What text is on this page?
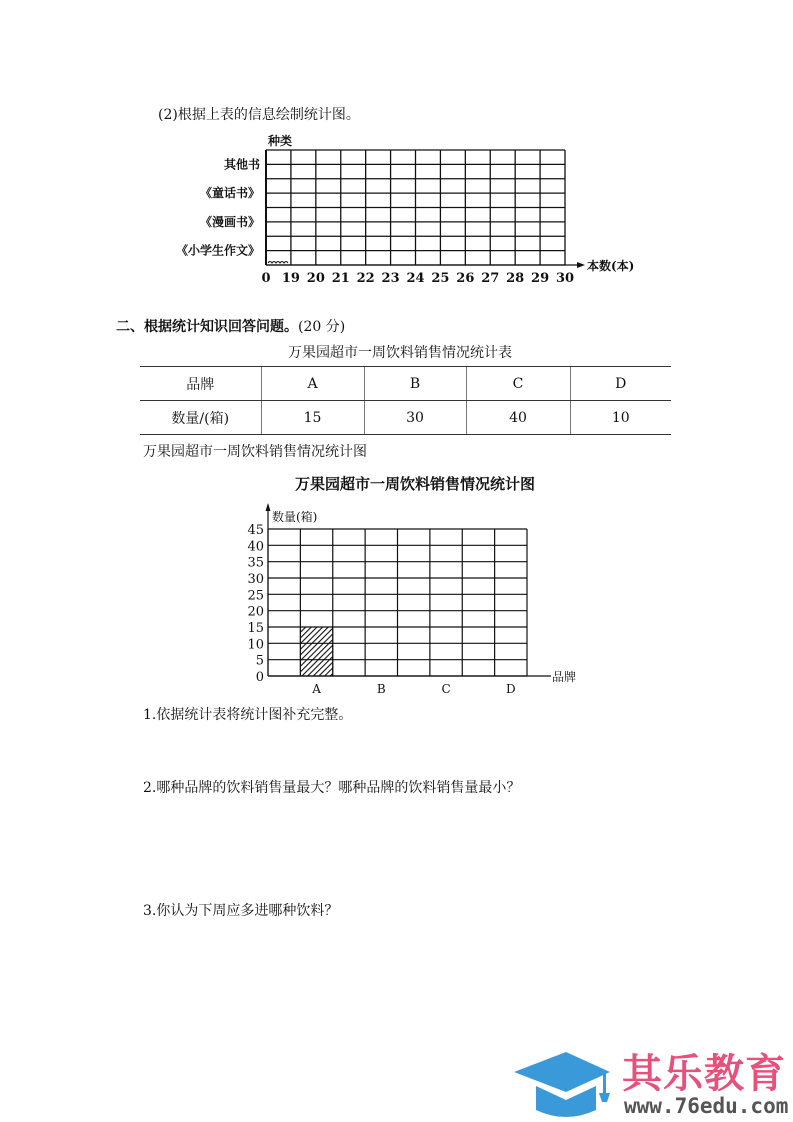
(2)根据上表的信息绘制统计图。
0 19 20 21 22 23 24 25 26 27 28 29 30
其他书
《童话书》
《漫画书》
《小学生作文》
种类
本数(本)
二、根据统计知识回答问题。(20 分)
万果园超市一周饮料销售情况统计表
品牌	A	B	C	D
数量/(箱)	15	30	40	10
万果园超市一周饮料销售情况统计图
万果园超市一周饮料销售情况统计图
0
5
10
15
20
25
30
35
40
45
A	B	C	D
数量(箱)
品牌
1.依据统计表将统计图补充完整。
2.哪种品牌的饮料销售量最大？哪种品牌的饮料销售量最小？
3.你认为下周应多进哪种饮料？
其乐教育
www.76edu.com
